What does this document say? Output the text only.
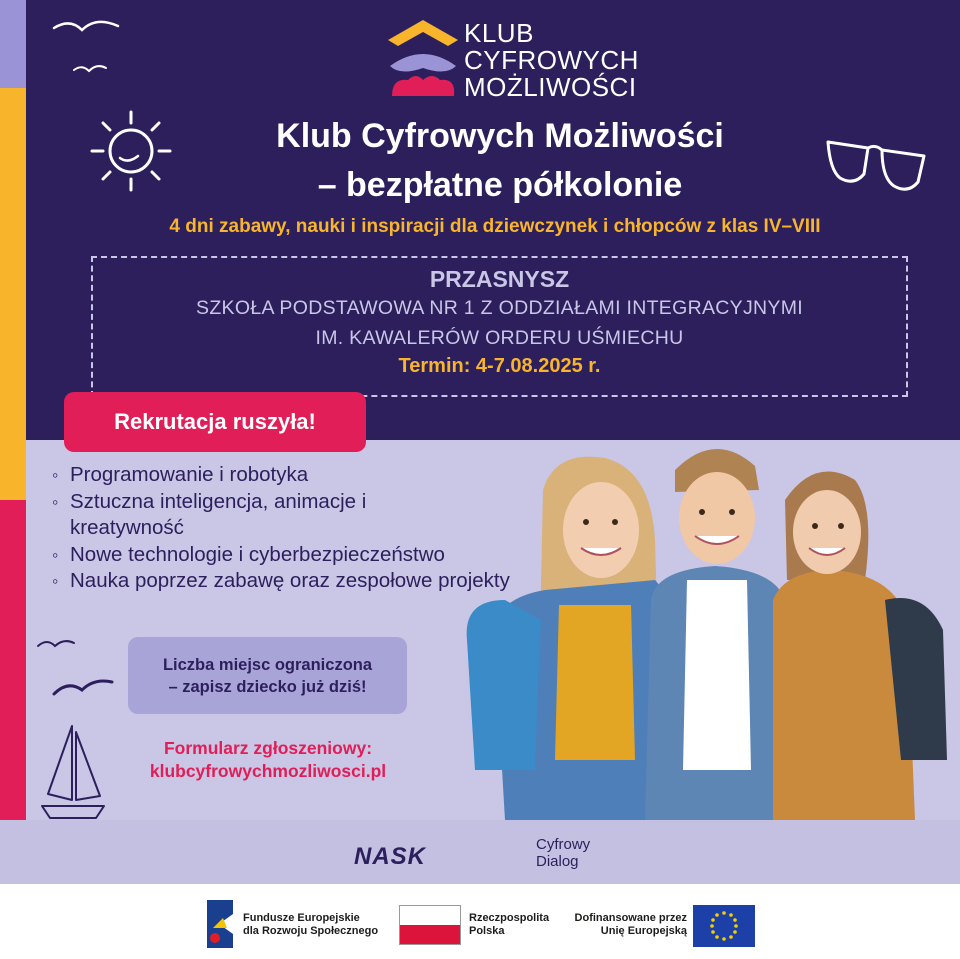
KLUB
CYFROWYCH
MOŻLIWOŚCI
Klub Cyfrowych Możliwości
– bezpłatne półkolonie
4 dni zabawy, nauki i inspiracji dla dziewczynek i chłopców z klas IV–VIII
PRZASNYSZ
SZKOŁA PODSTAWOWA NR 1 Z ODDZIAŁAMI INTEGRACYJNYMI
IM. KAWALERÓW ORDERU UŚMIECHU
Termin: 4-7.08.2025 r.
Rekrutacja ruszyła!
◦ Programowanie i robotyka
◦ Sztuczna inteligencja, animacje i kreatywność
◦ Nowe technologie i cyberbezpieczeństwo
◦ Nauka poprzez zabawę oraz zespołowe projekty
Liczba miejsc ograniczona
– zapisz dziecko już dziś!
Formularz zgłoszeniowy:
klubcyfrowychmozliwosci.pl
NASK	Cyfrowy
Dialog
Fundusze Europejskie
dla Rozwoju Społecznego
Rzeczpospolita
Polska
Dofinansowane przez
Unię Europejską
